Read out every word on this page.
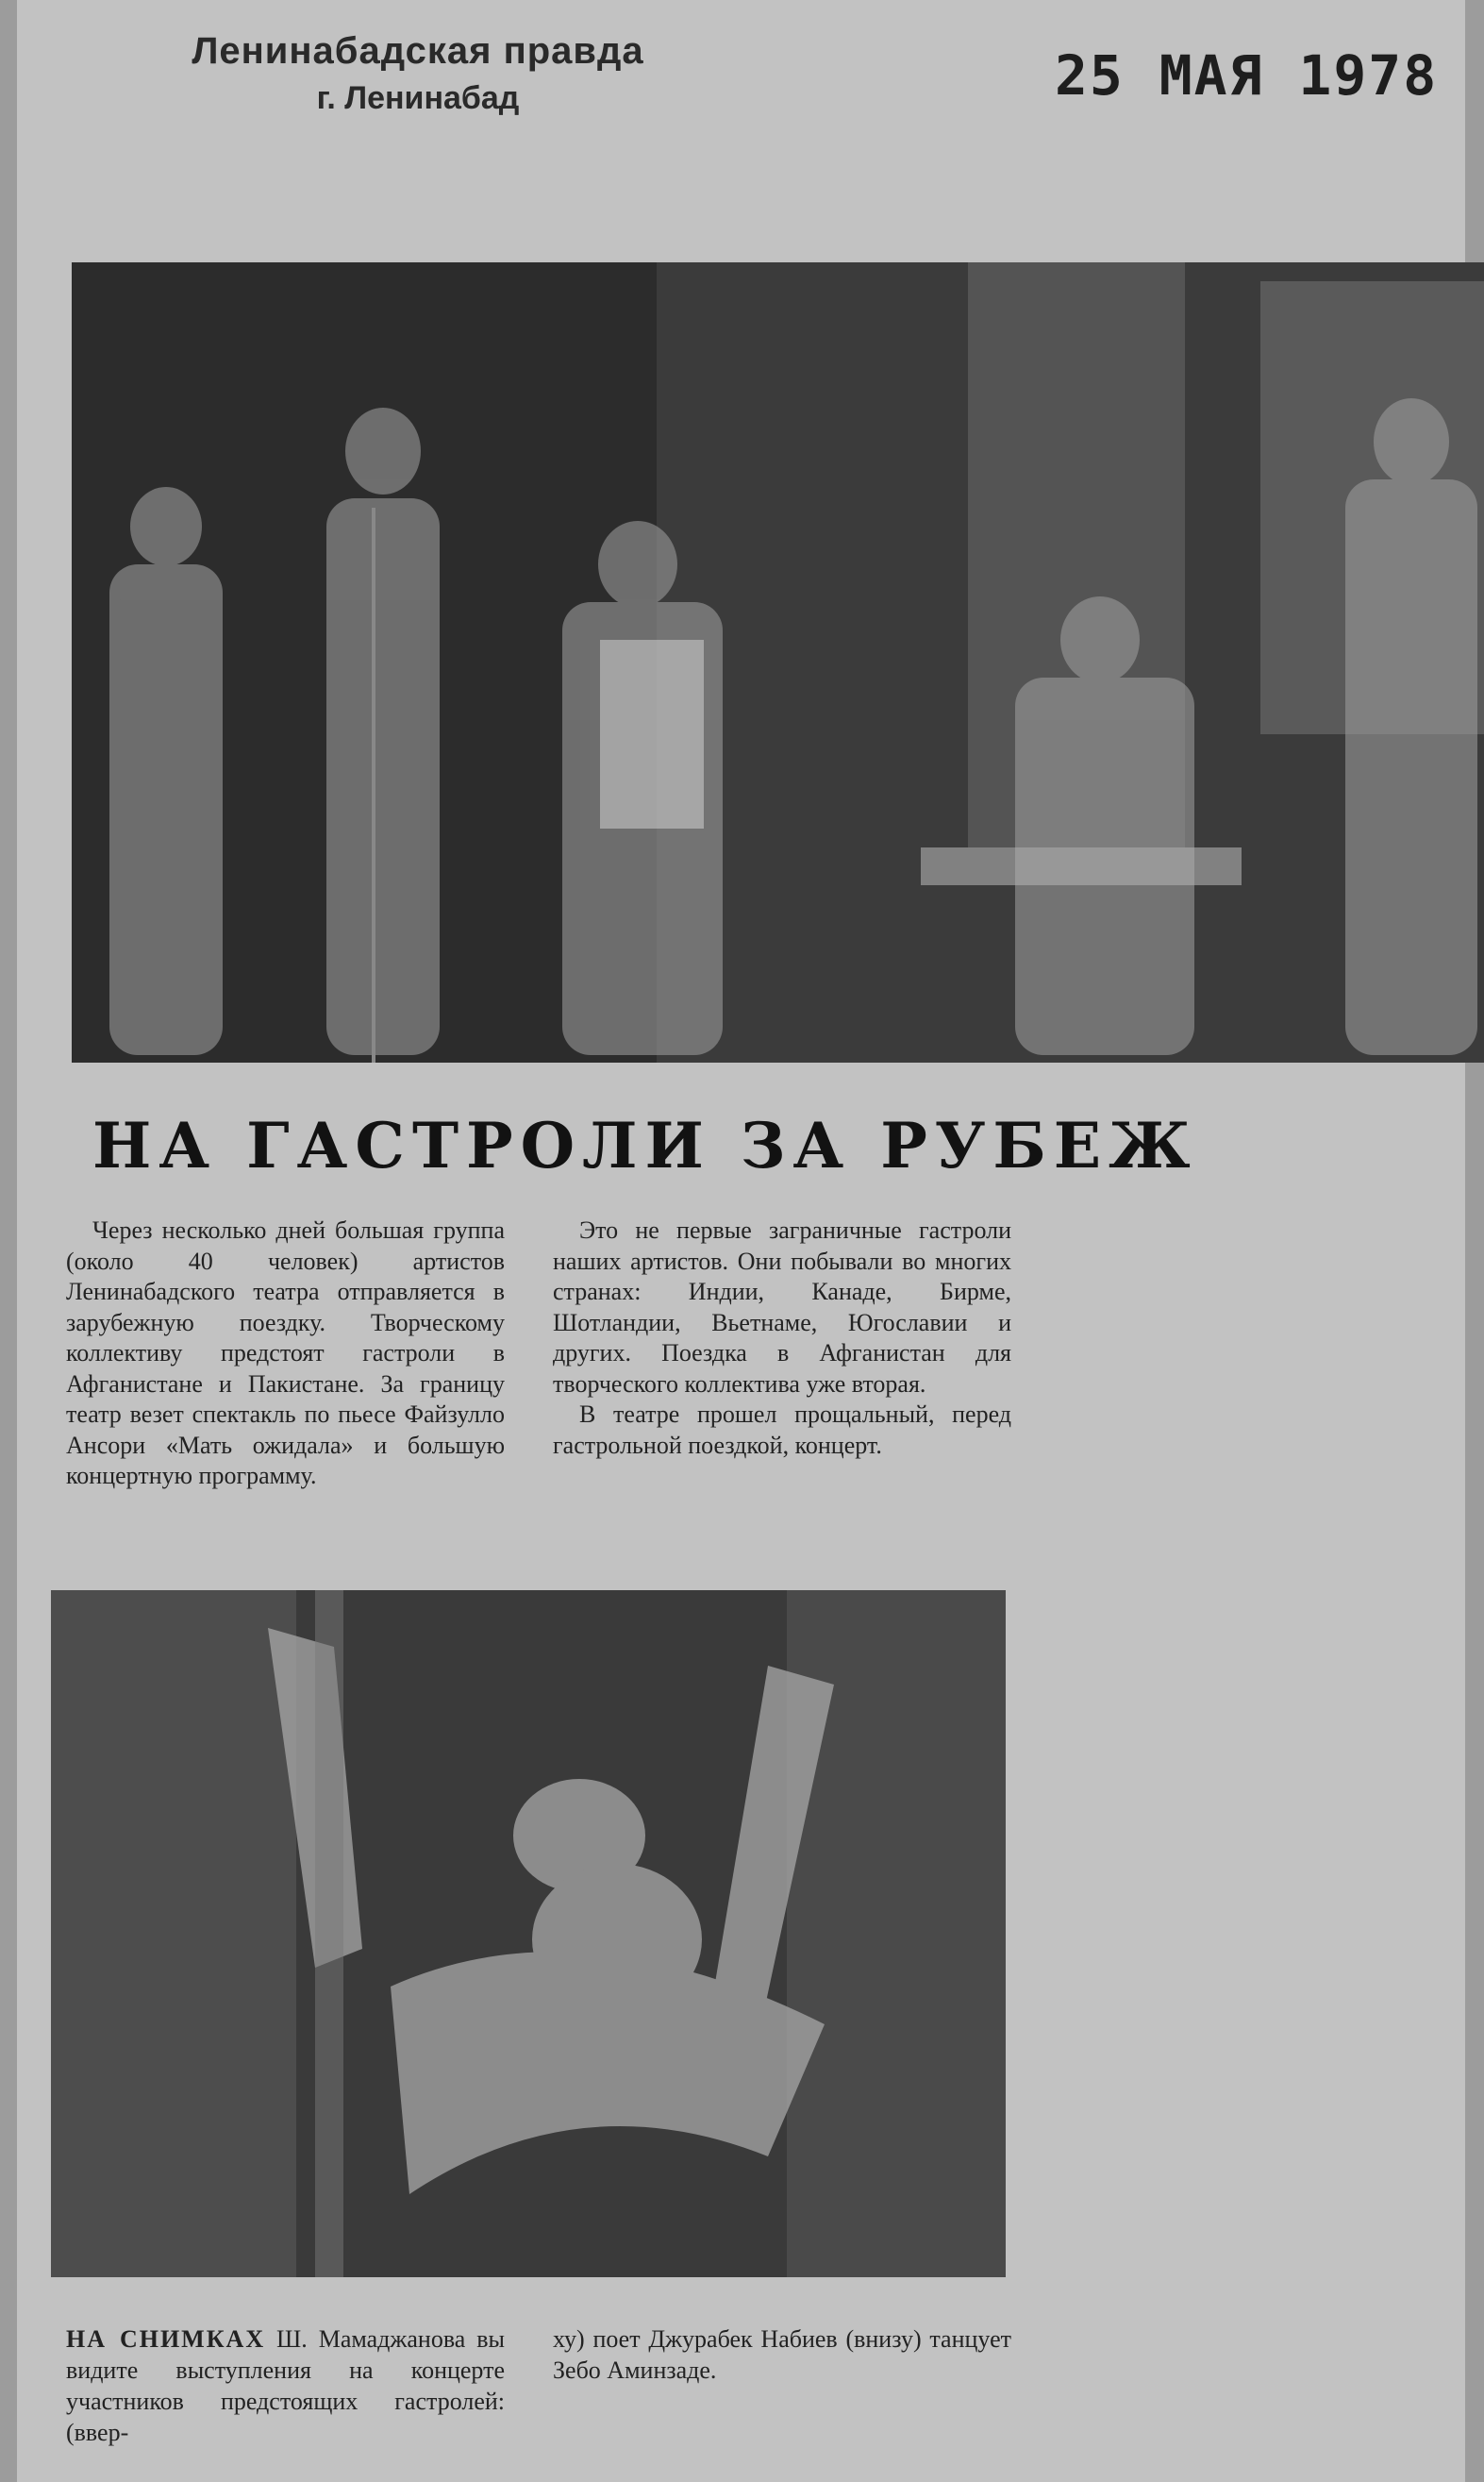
Ленинабадская правда
г. Ленинабад	25 МАЯ 1978
НА ГАСТРОЛИ ЗА РУБЕЖ
Через несколько дней большая группа (около 40 человек) артистов Ленинабадского театра отправляется в зарубежную поездку. Творческому коллективу предстоят гастроли в Афганистане и Пакистане. За границу театр везет спектакль по пьесе Файзулло Ансори «Мать ожидала» и большую концертную программу.

Это не первые заграничные гастроли наших артистов. Они побывали во многих странах: Индии, Канаде, Бирме, Шотландии, Вьетнаме, Югославии и других. Поездка в Афганистан для творческого коллектива уже вторая.

В театре прошел прощальный, перед гастрольной поездкой, концерт.

НА СНИМКАХ Ш. Мамаджанова вы видите выступления на концерте участников предстоящих гастролей: (ввер-
ху) поет Джурабек Набиев (внизу) танцует Зебо Аминзаде.
